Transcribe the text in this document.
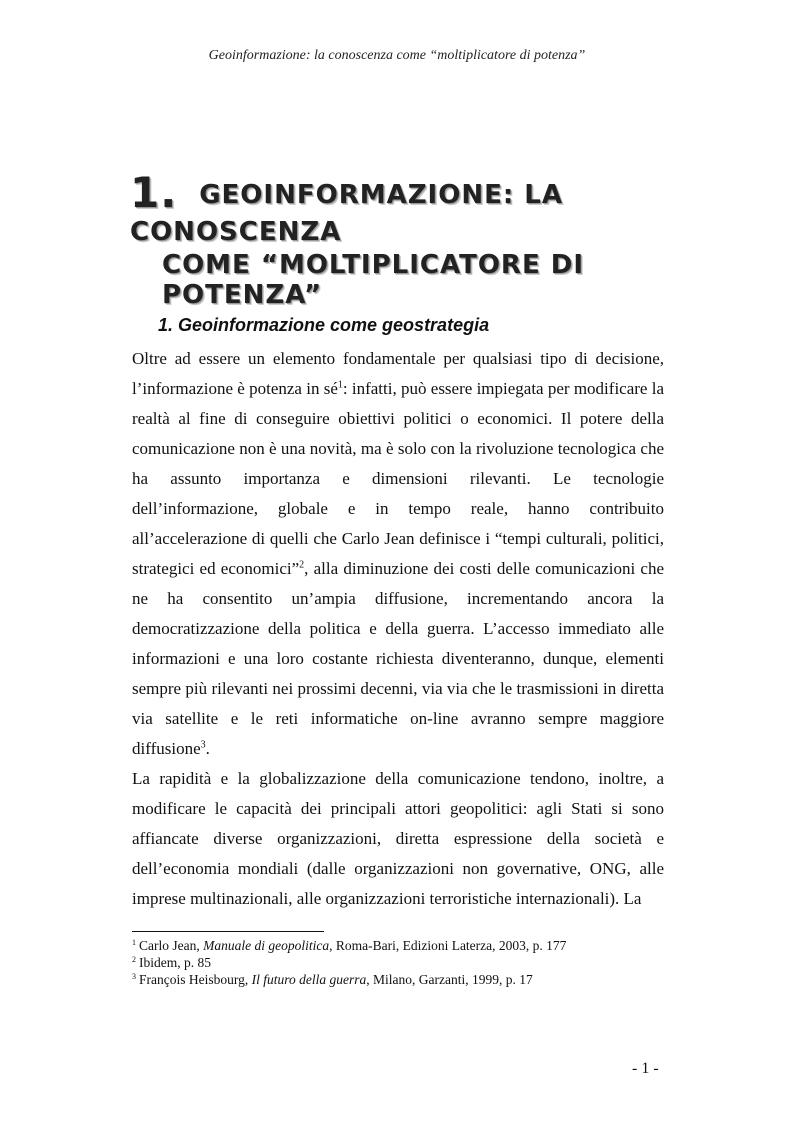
Geoinformazione: la conoscenza come “moltiplicatore di potenza”
1. GEOINFORMAZIONE: LA CONOSCENZA
COME “MOLTIPLICATORE DI POTENZA”
1. Geoinformazione come geostrategia

Oltre ad essere un elemento fondamentale per qualsiasi tipo di decisione, l’informazione è potenza in $sé^1$: infatti, può essere impiegata per modificare la realtà al fine di conseguire obiettivi politici o economici. Il potere della comunicazione non è una novità, ma è solo con la rivoluzione tecnologica che ha assunto importanza e dimensioni rilevanti. Le tecnologie dell’informazione, globale e in tempo reale, hanno contribuito all’accelerazione di quelli che Carlo Jean definisce i “tempi culturali, politici, strategici ed economici”$^2$, alla diminuzione dei costi delle comunicazioni che ne ha consentito un’ampia diffusione, incrementando ancora la democratizzazione della politica e della guerra. L’accesso immediato alle informazioni e una loro costante richiesta diventeranno, dunque, elementi sempre più rilevanti nei prossimi decenni, via via che le trasmissioni in diretta via satellite e le reti informatiche on-line avranno sempre maggiore diffusione$^3$.

La rapidità e la globalizzazione della comunicazione tendono, inoltre, a modificare le capacità dei principali attori geopolitici: agli Stati si sono affiancate diverse organizzazioni, diretta espressione della società e dell’economia mondiali (dalle organizzazioni non governative, ONG, alle imprese multinazionali, alle organizzazioni terroristiche internazionali). La

$^1$ Carlo Jean, Manuale di geopolitica, Roma-Bari, Edizioni Laterza, 2003, p. 177
$^2$ Ibidem, p. 85
$^3$ François Heisbourg, Il futuro della guerra, Milano, Garzanti, 1999, p. 17
- 1 -
